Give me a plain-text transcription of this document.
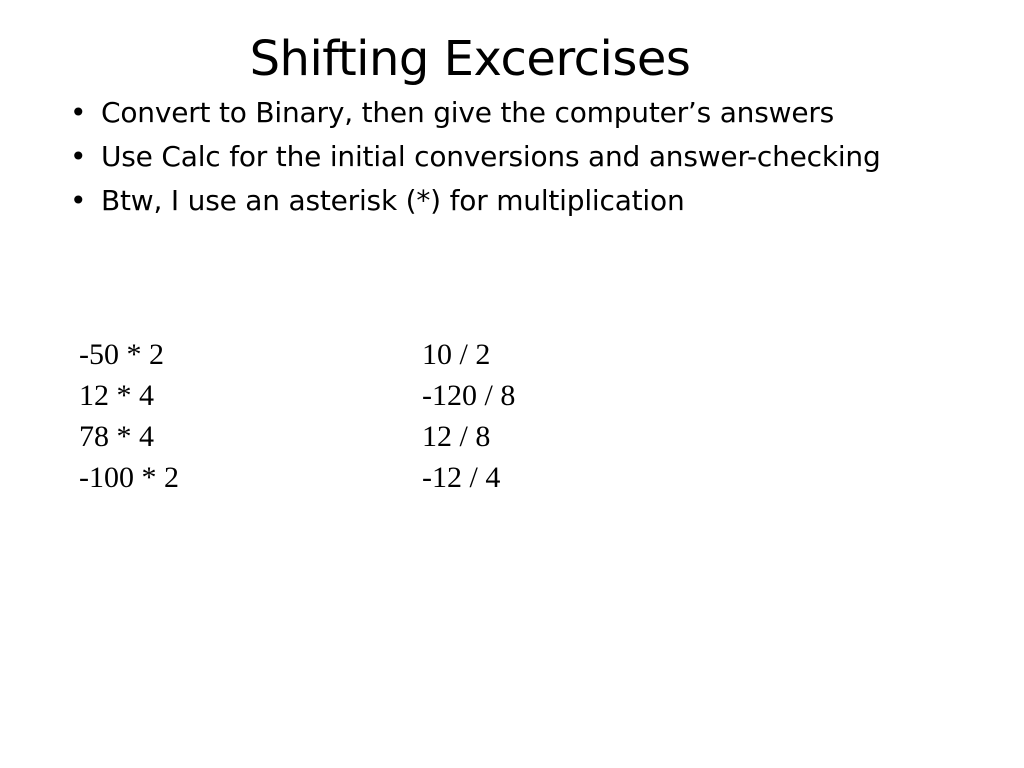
Shifting Excercises
• Convert to Binary, then give the computer’s answers
• Use Calc for the initial conversions and answer-checking
• Btw, I use an asterisk (*) for multiplication
-50 * 2
12 * 4
78 * 4
-100 * 2
10 / 2
-120 / 8
12 / 8
-12 / 4
